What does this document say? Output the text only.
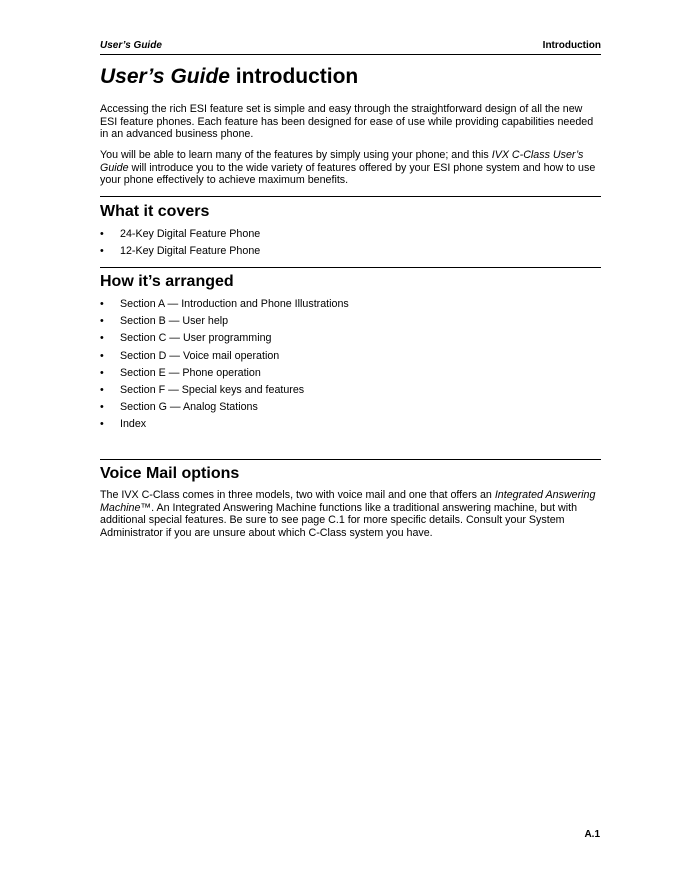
User’s Guide	Introduction
User’s Guide introduction

Accessing the rich ESI feature set is simple and easy through the straightforward design of all the new ESI feature phones. Each feature has been designed for ease of use while providing capabilities needed in an advanced business phone.

You will be able to learn many of the features by simply using your phone; and this IVX C-Class User’s Guide will introduce you to the wide variety of features offered by your ESI phone system and how to use your phone effectively to achieve maximum benefits.

What it covers
• 24-Key Digital Feature Phone
• 12-Key Digital Feature Phone
How it’s arranged
• Section A — Introduction and Phone Illustrations
• Section B — User help
• Section C — User programming
• Section D — Voice mail operation
• Section E — Phone operation
• Section F — Special keys and features
• Section G — Analog Stations
• Index
Voice Mail options

The IVX C-Class comes in three models, two with voice mail and one that offers an Integrated Answering Machine™. An Integrated Answering Machine functions like a traditional answering machine, but with additional special features. Be sure to see page C.1 for more specific details. Consult your System Administrator if you are unsure about which C-Class system you have.

A.1
